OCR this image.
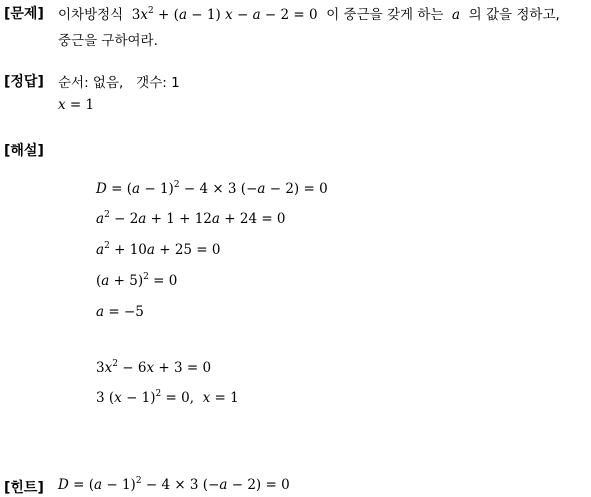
[문제] 이차방정식  $3x^2 + (a - 1) x - a - 2 = 0$  이 중근을 갖게 하는 a 의 값을 정하고,
중근을 구하여라.
[정답] 순서: 없음, 갯수: 1
x = 1
[해설]
$D = (a - 1)^2 - 4 \times 3$ (−a − 2) = 0
$a^2 - 2a + 1 + 12a + 24 = 0$
$a^2 + 10a + 25 = 0$
$(a + 5)^2 = 0$
a = −5
$3x^2 - 6x + 3 = 0$
3 $(x - 1)^2 = 0$,  x = 1
[힌트] $D = (a - 1)^2 - 4 \times 3$ (−a − 2) = 0
